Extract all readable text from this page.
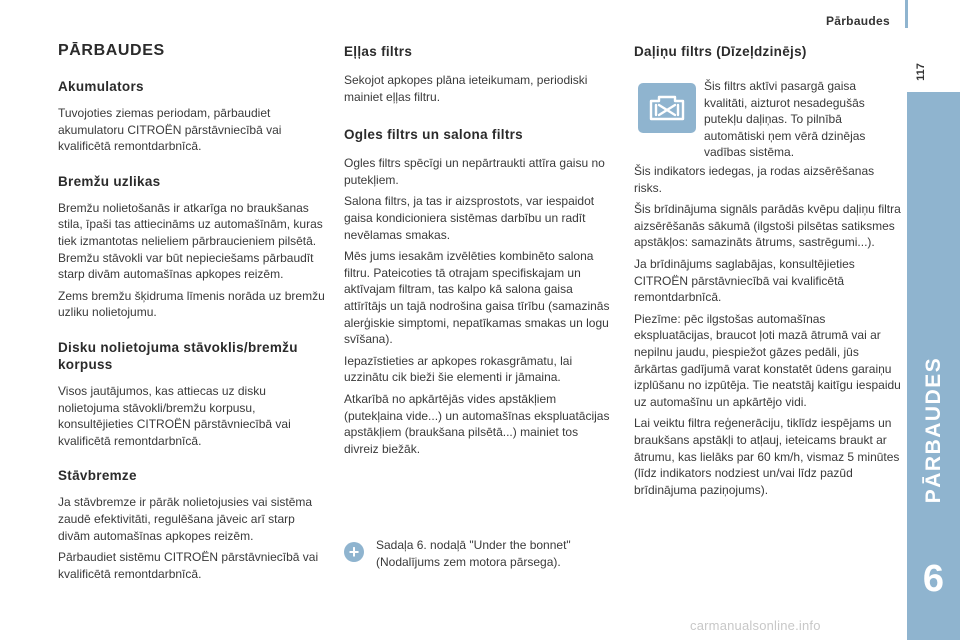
Pārbaudes
117
PĀRBAUDES
6
PĀRBAUDES
Akumulators
Tuvojoties ziemas periodam, pārbaudiet akumulatoru CITROËN pārstāvniecībā vai kvalificētā remontdarbnīcā.
Bremžu uzlikas
Bremžu nolietošanās ir atkarīga no braukšanas stila, īpaši tas attiecināms uz automašīnām, kuras tiek izmantotas nelieliem pārbraucieniem pilsētā. Bremžu stāvokli var būt nepieciešams pārbaudīt starp divām automašīnas apkopes reizēm.
Zems bremžu šķidruma līmenis norāda uz bremžu uzliku nolietojumu.
Disku nolietojuma stāvoklis/bremžu korpuss
Visos jautājumos, kas attiecas uz disku nolietojuma stāvokli/bremžu korpusu, konsultējieties CITROËN pārstāvniecībā vai kvalificētā remontdarbnīcā.
Stāvbremze
Ja stāvbremze ir pārāk nolietojusies vai sistēma zaudē efektivitāti, regulēšana jāveic arī starp divām automašīnas apkopes reizēm.
Pārbaudiet sistēmu CITROËN pārstāvniecībā vai kvalificētā remontdarbnīcā.
Eļļas filtrs
Sekojot apkopes plāna ieteikumam, periodiski mainiet eļļas filtru.
Ogles filtrs un salona filtrs
Ogles filtrs spēcīgi un nepārtraukti attīra gaisu no putekļiem.
Salona filtrs, ja tas ir aizsprostots, var iespaidot gaisa kondicioniera sistēmas darbību un radīt nevēlamas smakas.
Mēs jums iesakām izvēlēties kombinēto salona filtru. Pateicoties tā otrajam specifiskajam un aktīvajam filtram, tas kalpo kā salona gaisa attīrītājs un tajā nodrošina gaisa tīrību (samazinās alerģiskie simptomi, nepatīkamas smakas un logu svīšana).
Iepazīstieties ar apkopes rokasgrāmatu, lai uzzinātu cik bieži šie elementi ir jāmaina.
Atkarībā no apkārtējās vides apstākļiem (putekļaina vide...) un automašīnas ekspluatācijas apstākļiem (braukšana pilsētā...) mainiet tos divreiz biežāk.
+	Sadaļa 6. nodaļā "Under the bonnet" (Nodalījums zem motora pārsega).
Daļiņu filtrs (Dīzeļdzinējs)
Šis filtrs aktīvi pasargā gaisa kvalitāti, aizturot nesadegušās putekļu daļiņas. To pilnībā automātiski ņem vērā dzinējas vadības sistēma.
Šis indikators iedegas, ja rodas aizsērēšanas risks.
Šis brīdinājuma signāls parādās kvēpu daļiņu filtra aizsērēšanās sākumā (ilgstoši pilsētas satiksmes apstākļos: samazināts ātrums, sastrēgumi...).
Ja brīdinājums saglabājas, konsultējieties CITROËN pārstāvniecībā vai kvalificētā remontdarbnīcā.
Piezīme: pēc ilgstošas automašīnas ekspluatācijas, braucot ļoti mazā ātrumā vai ar nepilnu jaudu, piespiežot gāzes pedāli, jūs ārkārtas gadījumā varat konstatēt ūdens garaiņu izplūšanu no izpūtēja. Tie neatstāj kaitīgu iespaidu uz automašīnu un apkārtējo vidi.
Lai veiktu filtra reģenerāciju, tiklīdz iespējams un braukšans apstākļi to atļauj, ieteicams braukt ar ātrumu, kas lielāks par 60 km/h, vismaz 5 minūtes (līdz indikators nodziest un/vai līdz pazūd brīdinājuma paziņojums).
carmanualsonline.info
